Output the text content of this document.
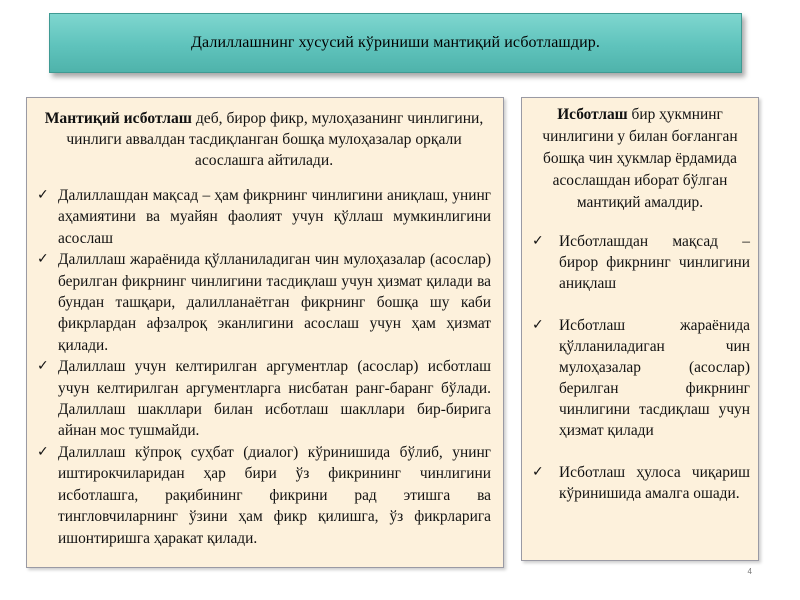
Далиллашнинг хусусий кўриниши мантиқий исботлашдир.
Мантиқий исботлаш деб, бирор фикр, мулоҳазанинг чинлигини, чинлиги аввалдан тасдиқланган бошқа мулоҳазалар орқали асослашга айтилади.
✓ Далиллашдан мақсад – ҳам фикрнинг чинлигини аниқлаш, унинг аҳамиятини ва муайян фаолият учун қўллаш мумкинлигини асослаш
✓ Далиллаш жараёнида қўлланиладиган чин мулоҳазалар (асослар) берилган фикрнинг чинлигини тасдиқлаш учун ҳизмат қилади ва бундан ташқари, далилланаётган фикрнинг бошқа шу каби фикрлардан афзалроқ эканлигини асослаш учун ҳам ҳизмат қилади.
✓ Далиллаш учун келтирилган аргументлар (асослар) исботлаш учун келтирилган аргументларга нисбатан ранг-баранг бўлади. Далиллаш шакллари билан исботлаш шакллари бир-бирига айнан мос тушмайди.
✓ Далиллаш кўпроқ суҳбат (диалог) кўринишида бўлиб, унинг иштирокчиларидан ҳар бири ўз фикрининг чинлигини исботлашга, рақибининг фикрини рад этишга ва тингловчиларнинг ўзини ҳам фикр қилишга, ўз фикрларига ишонтиришга ҳаракат қилади.
Исботлаш бир ҳукмнинг чинлигини у билан боғланган бошқа чин ҳукмлар ёрдамида асослашдан иборат бўлган мантиқий амалдир.
✓ Исботлашдан мақсад – бирор фикрнинг чинлигини аниқлаш
✓ Исботлаш жараёнида қўлланиладиган чин мулоҳазалар (асослар) берилган фикрнинг чинлигини тасдиқлаш учун ҳизмат қилади
✓ Исботлаш ҳулоса чиқариш кўринишида амалга ошади.
4
